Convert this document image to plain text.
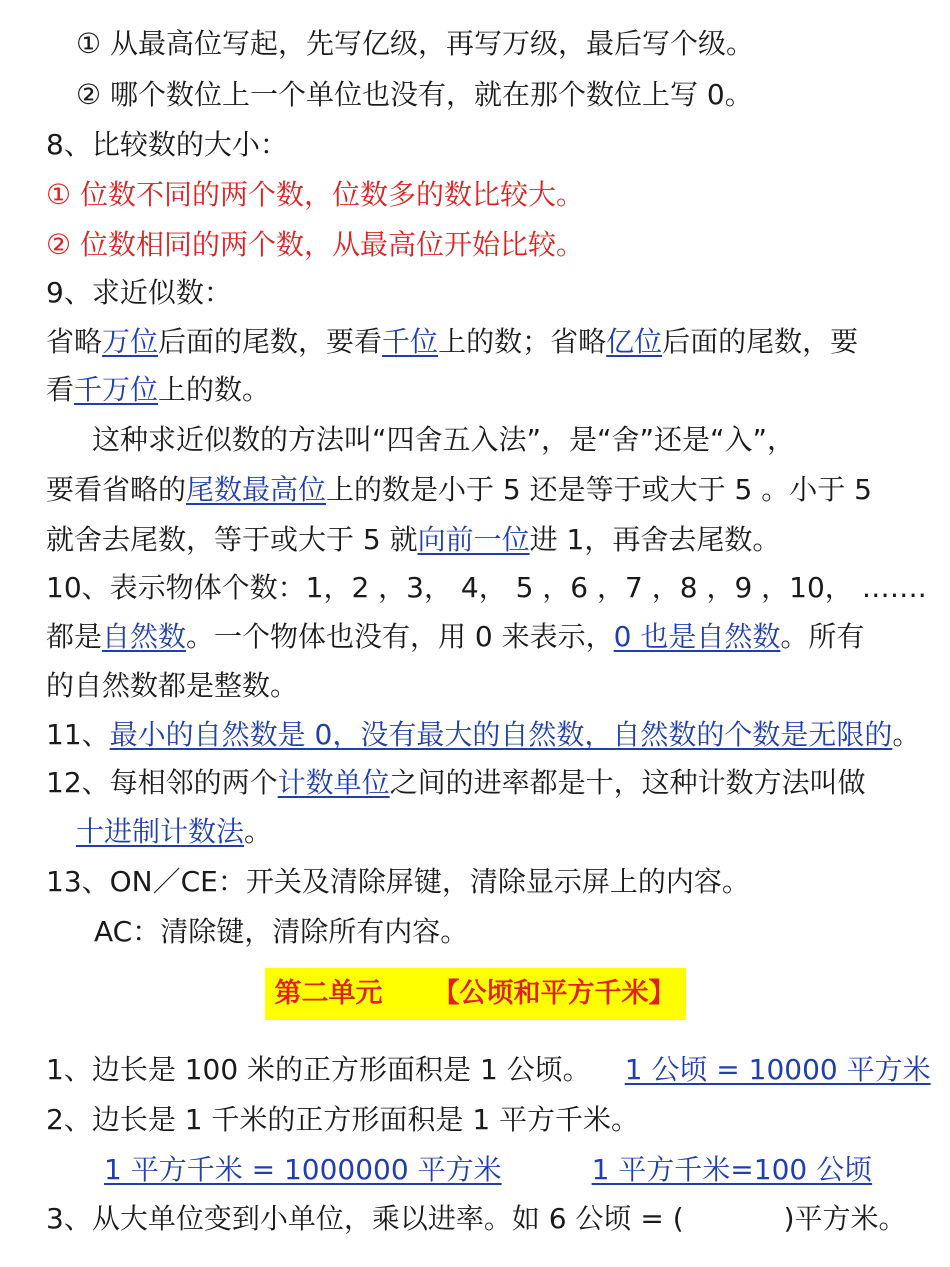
① 从最高位写起，先写亿级，再写万级，最后写个级。
② 哪个数位上一个单位也没有，就在那个数位上写 0。
8、比较数的大小：
① 位数不同的两个数，位数多的数比较大。
② 位数相同的两个数，从最高位开始比较。
9、求近似数：
省略万位后面的尾数，要看千位上的数；省略亿位后面的尾数，要
看千万位上的数。
这种求近似数的方法叫“四舍五入法”，是“舍”还是“入”，
要看省略的尾数最高位上的数是小于 5 还是等于或大于 5 。小于 5
就舍去尾数，等于或大于 5 就向前一位进 1，再舍去尾数。
10、表示物体个数：1，2 ，3， 4， 5 ，6 ，7 ，8 ，9 ，10， …….
都是自然数。一个物体也没有，用 0 来表示，0 也是自然数。所有
的自然数都是整数。
11、最小的自然数是 0，没有最大的自然数，自然数的个数是无限的。
12、每相邻的两个计数单位之间的进率都是十，这种计数方法叫做
十进制计数法。
13、ON／CE：开关及清除屏键，清除显示屏上的内容。
AC：清除键，清除所有内容。
第二单元 【公顷和平方千米】
1、边长是 100 米的正方形面积是 1 公顷。 1 公顷 = 10000 平方米
2、边长是 1 千米的正方形面积是 1 平方千米。
1 平方千米 = 1000000 平方米	1 平方千米=100 公顷
3、从大单位变到小单位，乘以进率。如 6 公顷 = (	)平方米。
